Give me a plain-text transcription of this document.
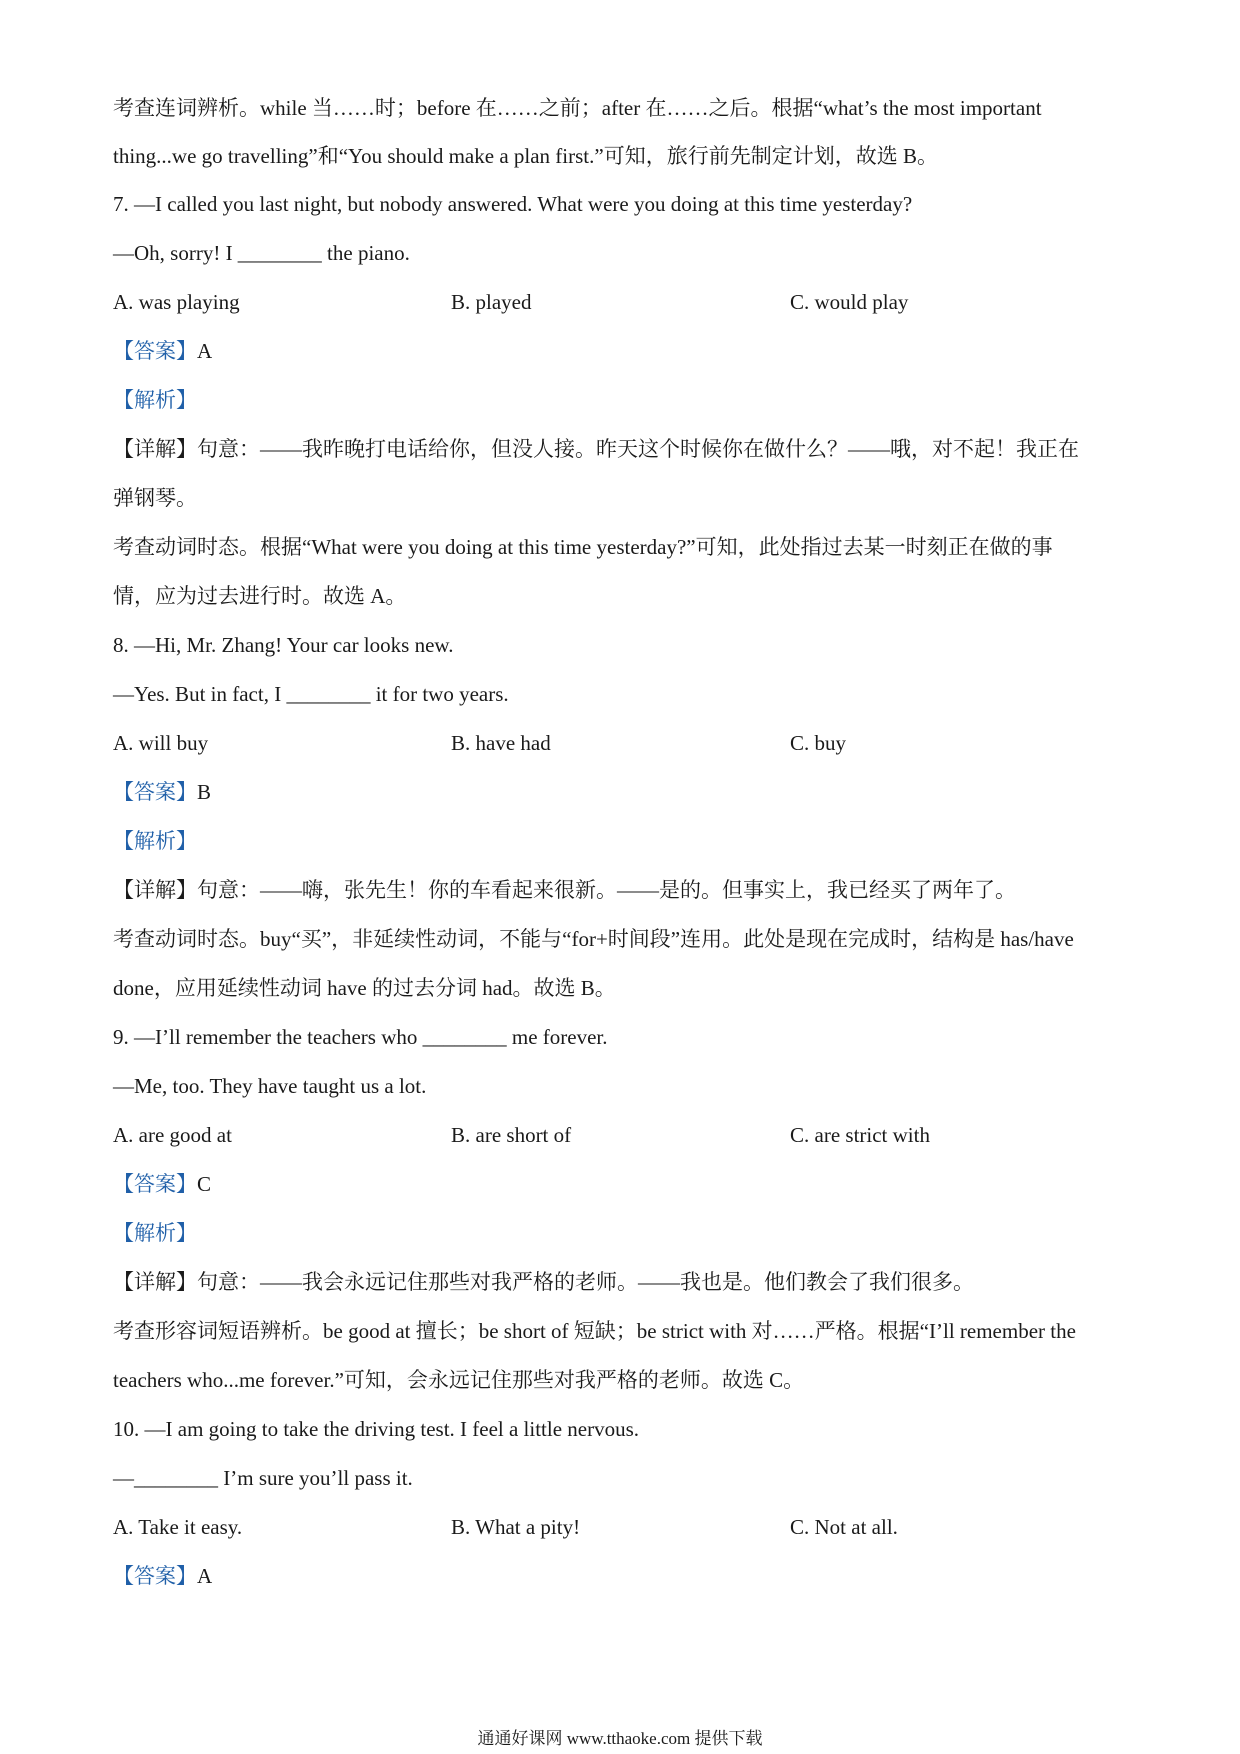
考查连词辨析。while 当……时；before 在……之前；after 在……之后。根据“what’s the most important
thing...we go travelling”和“You should make a plan first.”可知，旅行前先制定计划，故选 B。
7. —I called you last night, but nobody answered. What were you doing at this time yesterday?
—Oh, sorry! I ________ the piano.
A. was playing	B. played	C. would play
【答案】A
【解析】
【详解】句意：——我昨晚打电话给你，但没人接。昨天这个时候你在做什么？——哦，对不起！我正在
弹钢琴。
考查动词时态。根据“What were you doing at this time yesterday?”可知，此处指过去某一时刻正在做的事
情，应为过去进行时。故选 A。
8. —Hi, Mr. Zhang! Your car looks new.
—Yes. But in fact, I ________ it for two years.
A. will buy	B. have had	C. buy
【答案】B
【解析】
【详解】句意：——嗨，张先生！你的车看起来很新。——是的。但事实上，我已经买了两年了。
考查动词时态。buy“买”，非延续性动词，不能与“for+时间段”连用。此处是现在完成时，结构是 has/have
done，应用延续性动词 have 的过去分词 had。故选 B。
9. —I’ll remember the teachers who ________ me forever.
—Me, too. They have taught us a lot.
A. are good at	B. are short of	C. are strict with
【答案】C
【解析】
【详解】句意：——我会永远记住那些对我严格的老师。——我也是。他们教会了我们很多。
考查形容词短语辨析。be good at 擅长；be short of 短缺；be strict with 对……严格。根据“I’ll remember the
teachers who...me forever.”可知，会永远记住那些对我严格的老师。故选 C。
10. —I am going to take the driving test. I feel a little nervous.
—________ I’m sure you’ll pass it.
A. Take it easy.	B. What a pity!	C. Not at all.
【答案】A
通通好课网 www.tthaoke.com 提供下载
